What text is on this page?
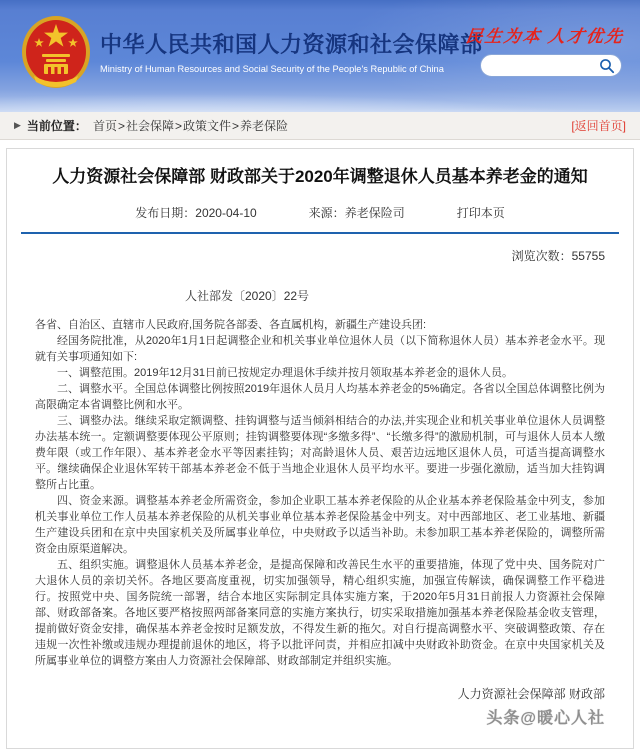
中华人民共和国人力资源和社会保障部
Ministry of Human Resources and Social Security of the People's Republic of China
民生为本 人才优先
▶ 当前位置： 首页 > 社会保障 > 政策文件 > 养老保险	[返回首页]
人力资源社会保障部 财政部关于2020年调整退休人员基本养老金的通知
发布日期：2020-04-10	来源：养老保险司	打印本页
浏览次数：55755
人社部发〔2020〕22号

各省、自治区、直辖市人民政府,国务院各部委、各直属机构，新疆生产建设兵团:

经国务院批准，从2020年1月1日起调整企业和机关事业单位退休人员（以下简称退休人员）基本养老金水平。现就有关事项通知如下:

一、调整范围。2019年12月31日前已按规定办理退休手续并按月领取基本养老金的退休人员。

二、调整水平。全国总体调整比例按照2019年退休人员月人均基本养老金的5%确定。各省以全国总体调整比例为高限确定本省调整比例和水平。

三、调整办法。继续采取定额调整、挂钩调整与适当倾斜相结合的办法,并实现企业和机关事业单位退休人员调整办法基本统一。定额调整要体现公平原则；挂钩调整要体现“多缴多得”、“长缴多得”的激励机制，可与退休人员本人缴费年限（或工作年限）、基本养老金水平等因素挂钩；对高龄退休人员、艰苦边远地区退休人员，可适当提高调整水平。继续确保企业退休军转干部基本养老金不低于当地企业退休人员平均水平。要进一步强化激励，适当加大挂钩调整所占比重。

四、资金来源。调整基本养老金所需资金，参加企业职工基本养老保险的从企业基本养老保险基金中列支，参加机关事业单位工作人员基本养老保险的从机关事业单位基本养老保险基金中列支。对中西部地区、老工业基地、新疆生产建设兵团和在京中央国家机关及所属事业单位，中央财政予以适当补助。未参加职工基本养老保险的，调整所需资金由原渠道解决。

五、组织实施。调整退休人员基本养老金，是提高保障和改善民生水平的重要措施，体现了党中央、国务院对广大退休人员的亲切关怀。各地区要高度重视，切实加强领导，精心组织实施，加强宣传解读，确保调整工作平稳进行。按照党中央、国务院统一部署，结合本地区实际制定具体实施方案，于2020年5月31日前报人力资源社会保障部、财政部备案。各地区要严格按照两部备案同意的实施方案执行，切实采取措施加强基本养老保险基金收支管理，提前做好资金安排，确保基本养老金按时足额发放，不得发生新的拖欠。对自行提高调整水平、突破调整政策、存在违规一次性补缴或违规办理提前退休的地区，将予以批评问责，并相应扣减中央财政补助资金。在京中央国家机关及所属事业单位的调整方案由人力资源社会保障部、财政部制定并组织实施。

人力资源社会保障部 财政部
头条@暖心人社
